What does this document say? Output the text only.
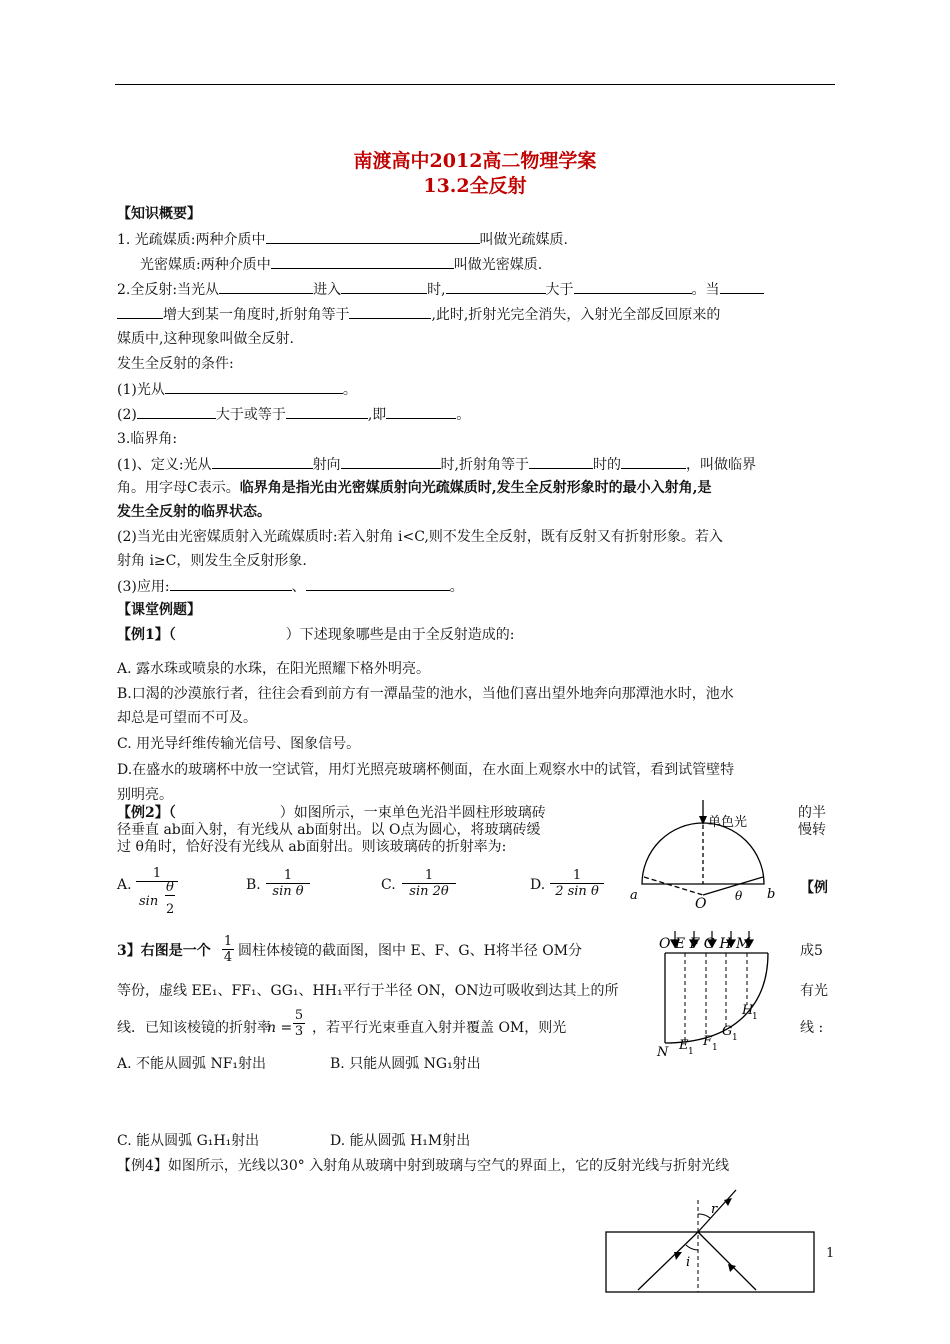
南渡高中2012高二物理学案
13.2全反射
【知识概要】
1. 光疏媒质:两种介质中	叫做光疏媒质.
光密媒质:两种介质中	叫做光密媒质.
2.全反射:当光从	进入	时,	大于	。当
增大到某一角度时,折射角等于	,此时,折射光完全消失，入射光全部反回原来的
媒质中,这种现象叫做全反射.
发生全反射的条件:
(1)光从	。
(2)	大于或等于	,即	。
3.临界角:
(1)、定义:光从	射向	时,折射角等于	时的	，叫做临界
角。用字母C表示。临界角是指光由光密媒质射向光疏媒质时,发生全反射形象时的最小入射角,是
发生全反射的临界状态。
(2)当光由光密媒质射入光疏媒质时:若入射角 i<C,则不发生全反射，既有反射又有折射形象。若入
射角 i≥C，则发生全反射形象.
(3)应用:	、	。
【课堂例题】
【例1】（	）下述现象哪些是由于全反射造成的:
A. 露水珠或喷泉的水珠，在阳光照耀下格外明亮。
B.口渴的沙漠旅行者，往往会看到前方有一潭晶莹的池水，当他们喜出望外地奔向那潭池水时，池水
却总是可望而不可及。
C. 用光导纤维传输光信号、图象信号。
D.在盛水的玻璃杯中放一空试管，用灯光照亮玻璃杯侧面，在水面上观察水中的试管，看到试管壁特
别明亮。
【例2】（	）如图所示，一束单色光沿半圆柱形玻璃砖	的半
径垂直 ab面入射，有光线从 ab面射出。以 O点为圆心，将玻璃砖缓	慢转
过 θ角时，恰好没有光线从 ab面射出。则该玻璃砖的折射率为:
A.
1
sin
θ
2
B.
1
sin θ	C.
1
sin 2θ	D.
1
2 sin θ	【例
3】右图是一个
1
4 圆柱体棱镜的截面图，图中 E、F、G、H将半径 OM分	成5
等份，虚线 EE₁、FF₁、GG₁、HH₁平行于半径 ON，ON边可吸收到达其上的所	有光
线．已知该棱镜的折射率
n =
5
3 ，若平行光束垂直入射并覆盖 OM，则光	线 :
A. 不能从圆弧 NF₁射出	B. 只能从圆弧 NG₁射出
C. 能从圆弧 G₁H₁射出	D. 能从圆弧 H₁M射出
【例4】如图所示，光线以30° 入射角从玻璃中射到玻璃与空气的界面上，它的反射光线与折射光线
单色光
a	b
O θ
O E F G H M
N E 1
F 1
G 1
H
1
r
i
1
